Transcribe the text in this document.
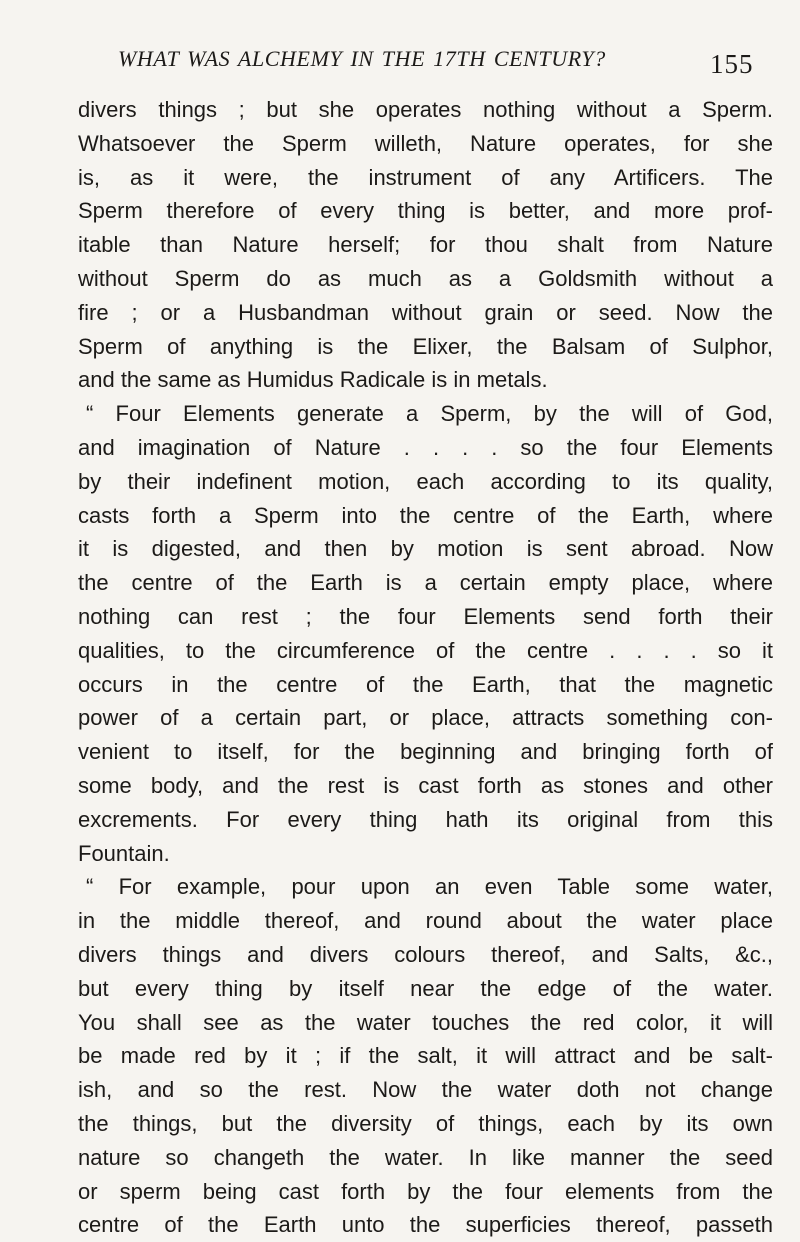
WHAT WAS ALCHEMY IN THE 17TH CENTURY?	155
divers things ; but she operates nothing without a Sperm.
Whatsoever the Sperm willeth, Nature operates, for she
is, as it were, the instrument of any Artificers. The
Sperm therefore of every thing is better, and more prof-
itable than Nature herself; for thou shalt from Nature
without Sperm do as much as a Goldsmith without a
fire ; or a Husbandman without grain or seed. Now the
Sperm of anything is the Elixer, the Balsam of Sulphor,
and the same as Humidus Radicale is in metals.
“ Four Elements generate a Sperm, by the will of God,
and imagination of Nature . . . . so the four Elements
by their indefinent motion, each according to its quality,
casts forth a Sperm into the centre of the Earth, where
it is digested, and then by motion is sent abroad. Now
the centre of the Earth is a certain empty place, where
nothing can rest ; the four Elements send forth their
qualities, to the circumference of the centre . . . . so it
occurs in the centre of the Earth, that the magnetic
power of a certain part, or place, attracts something con-
venient to itself, for the beginning and bringing forth of
some body, and the rest is cast forth as stones and other
excrements. For every thing hath its original from this
Fountain.
“ For example, pour upon an even Table some water,
in the middle thereof, and round about the water place
divers things and divers colours thereof, and Salts, &c.,
but every thing by itself near the edge of the water.
You shall see as the water touches the red color, it will
be made red by it ; if the salt, it will attract and be salt-
ish, and so the rest. Now the water doth not change
the things, but the diversity of things, each by its own
nature so changeth the water. In like manner the seed
or sperm being cast forth by the four elements from the
centre of the Earth unto the superficies thereof, passeth
